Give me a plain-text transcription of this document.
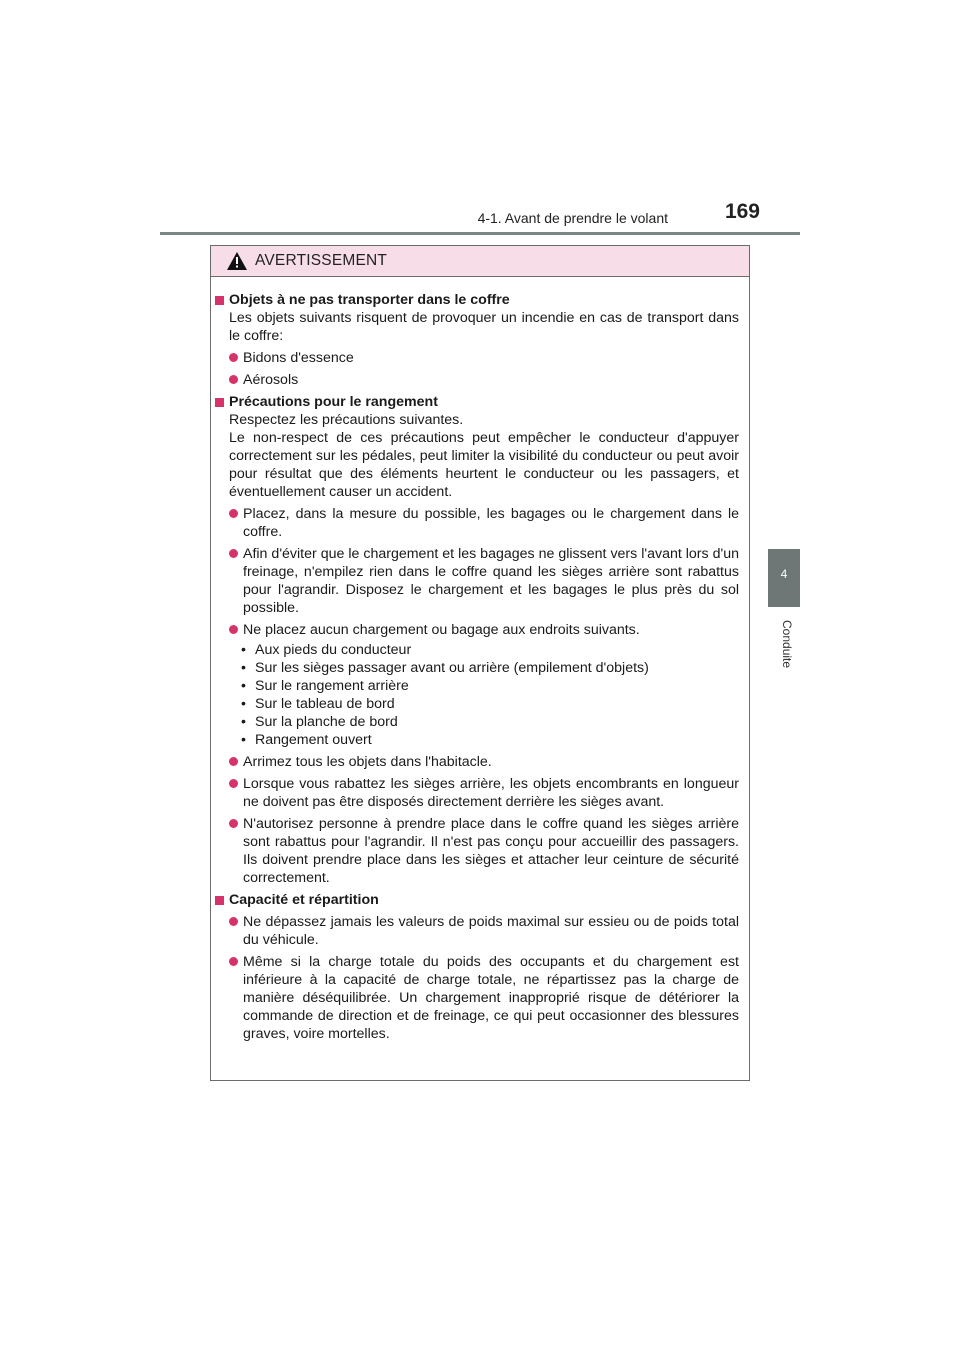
4-1. Avant de prendre le volant	169
4
Conduite
AVERTISSEMENT
Objets à ne pas transporter dans le coffre
Les objets suivants risquent de provoquer un incendie en cas de transport dans le coffre:
Bidons d'essence
Aérosols
Précautions pour le rangement
Respectez les précautions suivantes.
Le non-respect de ces précautions peut empêcher le conducteur d'appuyer correctement sur les pédales, peut limiter la visibilité du conducteur ou peut avoir pour résultat que des éléments heurtent le conducteur ou les passagers, et éventuellement causer un accident.
Placez, dans la mesure du possible, les bagages ou le chargement dans le coffre.
Afin d'éviter que le chargement et les bagages ne glissent vers l'avant lors d'un freinage, n'empilez rien dans le coffre quand les sièges arrière sont rabattus pour l'agrandir. Disposez le chargement et les bagages le plus près du sol possible.
Ne placez aucun chargement ou bagage aux endroits suivants.
• Aux pieds du conducteur
• Sur les sièges passager avant ou arrière (empilement d'objets)
• Sur le rangement arrière
• Sur le tableau de bord
• Sur la planche de bord
• Rangement ouvert
Arrimez tous les objets dans l'habitacle.
Lorsque vous rabattez les sièges arrière, les objets encombrants en longueur ne doivent pas être disposés directement derrière les sièges avant.
N'autorisez personne à prendre place dans le coffre quand les sièges arrière sont rabattus pour l'agrandir. Il n'est pas conçu pour accueillir des passagers. Ils doivent prendre place dans les sièges et attacher leur ceinture de sécurité correctement.
Capacité et répartition
Ne dépassez jamais les valeurs de poids maximal sur essieu ou de poids total du véhicule.
Même si la charge totale du poids des occupants et du chargement est inférieure à la capacité de charge totale, ne répartissez pas la charge de manière déséquilibrée. Un chargement inapproprié risque de détériorer la commande de direction et de freinage, ce qui peut occasionner des blessures graves, voire mortelles.
